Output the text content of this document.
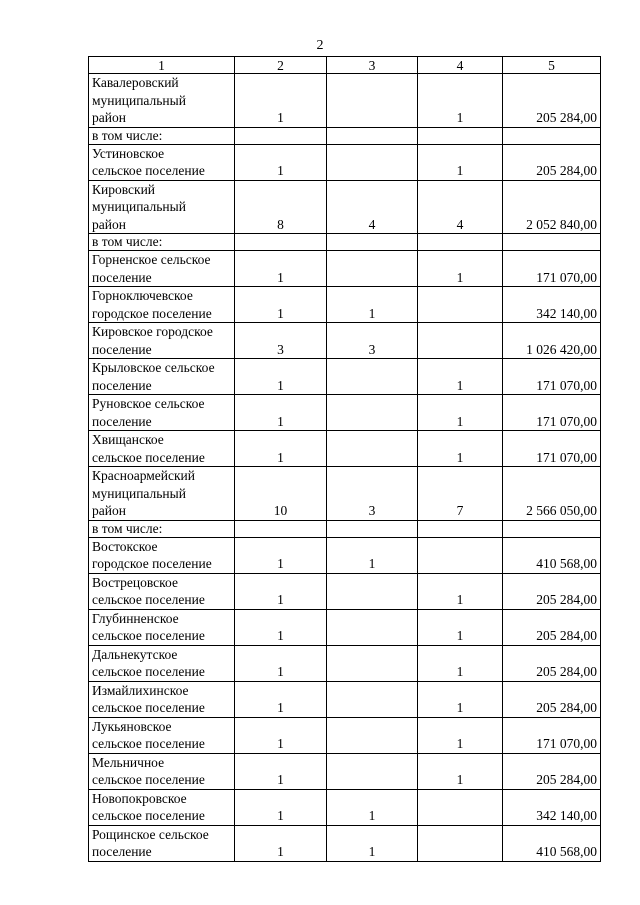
2
1	2	3	4	5
Кавалеровский
муниципальный
район	1		1	205 284,00
в том числе:				
Устиновское
сельское поселение	1		1	205 284,00
Кировский
муниципальный
район	8	4	4	2 052 840,00
в том числе:				
Горненское сельское
поселение	1		1	171 070,00
Горноключевское
городское поселение	1	1		342 140,00
Кировское городское
поселение	3	3		1 026 420,00
Крыловское сельское
поселение	1		1	171 070,00
Руновское сельское
поселение	1		1	171 070,00
Хвищанское
сельское поселение	1		1	171 070,00
Красноармейский
муниципальный
район	10	3	7	2 566 050,00
в том числе:				
Востокское
городское поселение	1	1		410 568,00
Вострецовское
сельское поселение	1		1	205 284,00
Глубинненское
сельское поселение	1		1	205 284,00
Дальнекутское
сельское поселение	1		1	205 284,00
Измайлихинское
сельское поселение	1		1	205 284,00
Лукьяновское
сельское поселение	1		1	171 070,00
Мельничное
сельское поселение	1		1	205 284,00
Новопокровское
сельское поселение	1	1		342 140,00
Рощинское сельское
поселение	1	1		410 568,00
